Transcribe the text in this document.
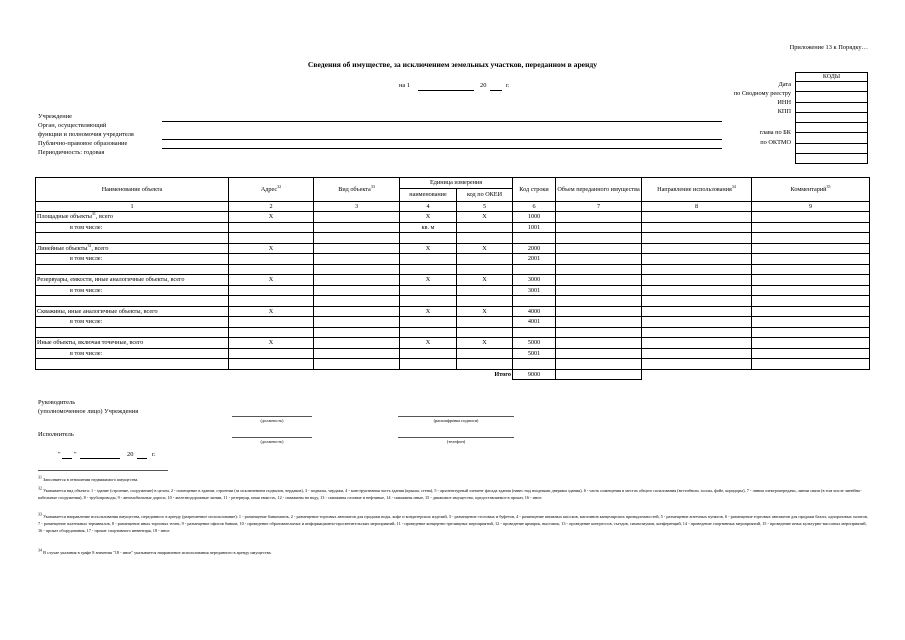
Приложение 13 к Порядку…
Сведения об имуществе, за исключением земельных участков, переданном в аренду
на 1	20	г.
КОДЫ

Дата
по Сводному реестру
ИНН
КПП
глава по БК
по ОКТМО
Учреждение
Орган, осуществляющий
функции и полномочия учредителя
Публично-правовое образование
Периодичность: годовая
Наименование объекта	Адрес$^{32}$	Вид объекта$^{33}$	Единица измерения		Код строки	Объем переданного имущества	Направление использования$^{34}$	Комментарий$^{35}$
			наименование	код по ОКЕИ				
1	2	3	4	5	6	7	8	9
Площадные объекты$^{31}$, всего	X		X	X	1000			
в том числе:			кв. м		1001			

Линейные объекты$^{31}$, всего	X		X	X	2000			
в том числе:					2001			

Резервуары, емкости, иные аналогичные объекты, всего	X		X	X	3000			
в том числе:					3001			

Скважины, иные аналогичные объекты, всего	X		X	X	4000			
в том числе:					4001			

Иные объекты, включая точечные, всего	X		X	X	5000			
в том числе:					5001			

				Итого	9000			
Руководитель
(уполномоченное лицо) Учреждения
(должность)	(расшифровка подписи)
Исполнитель
(должность)	(телефон)
" "	20	г.
$^{31}$ Заполняется в отношении недвижимого имущества.
$^{32}$ Указывается вид объекта: 1 - здание (строение, сооружение) в целом, 2 - помещение в здании, строении (за исключением подвалов, чердаков), 3 - подвалы, чердаки, 4 - конструктивная часть здания (крыша, стена), 5 - архитектурный элемент фасада здания (навес над входными дверями здания), 6 - часть помещения в местах общего пользования (вестибюли, холлы, фойе, коридоры), 7 - линии электропередачи, линии связи (в том числе линейно-кабельные сооружения), 8 - трубопроводы, 9 - автомобильные дороги, 10 - железнодорожные линии, 11 - резервуар, иная емкость, 12 - скважины на воду, 13 - скважины газовые и нефтяные, 14 - скважины иные, 15 - движимое имущество, предоставляемое в прокат, 16 - иное.
$^{33}$ Указывается направление использования имущества, переданного в аренду (разрешенное использование): 1 - размещение банкоматов, 2 - размещение торговых автоматов для продажи воды, кофе и кондитерских изделий, 3 - размещение столовых и буфетов, 4 - размещение книжных киосков, магазинов канцелярских принадлежностей, 5 - размещение аптечных пунктов, 6 - размещение торговых автоматов для продажи бахил, одноразовых халатов, 7 - размещение платежных терминалов, 8 - размещение иных торговых точек, 9 - размещение офисов банков, 10 - проведение образовательных и информационно-просветительских мероприятий, 11 - проведение концертно-зрелищных мероприятий, 12 - проведение ярмарок, выставок, 13 - проведение конгрессов, съездов, симпозиумов, конференций, 14 - проведение спортивных мероприятий, 15 - проведение иных культурно-массовых мероприятий, 16 - прокат оборудования, 17 - прокат спортивного инвентаря, 18 - иное.
$^{34}$ В случае указания в графе 8 значения "18 - иное" указывается направление использования переданного в аренду имущества.
